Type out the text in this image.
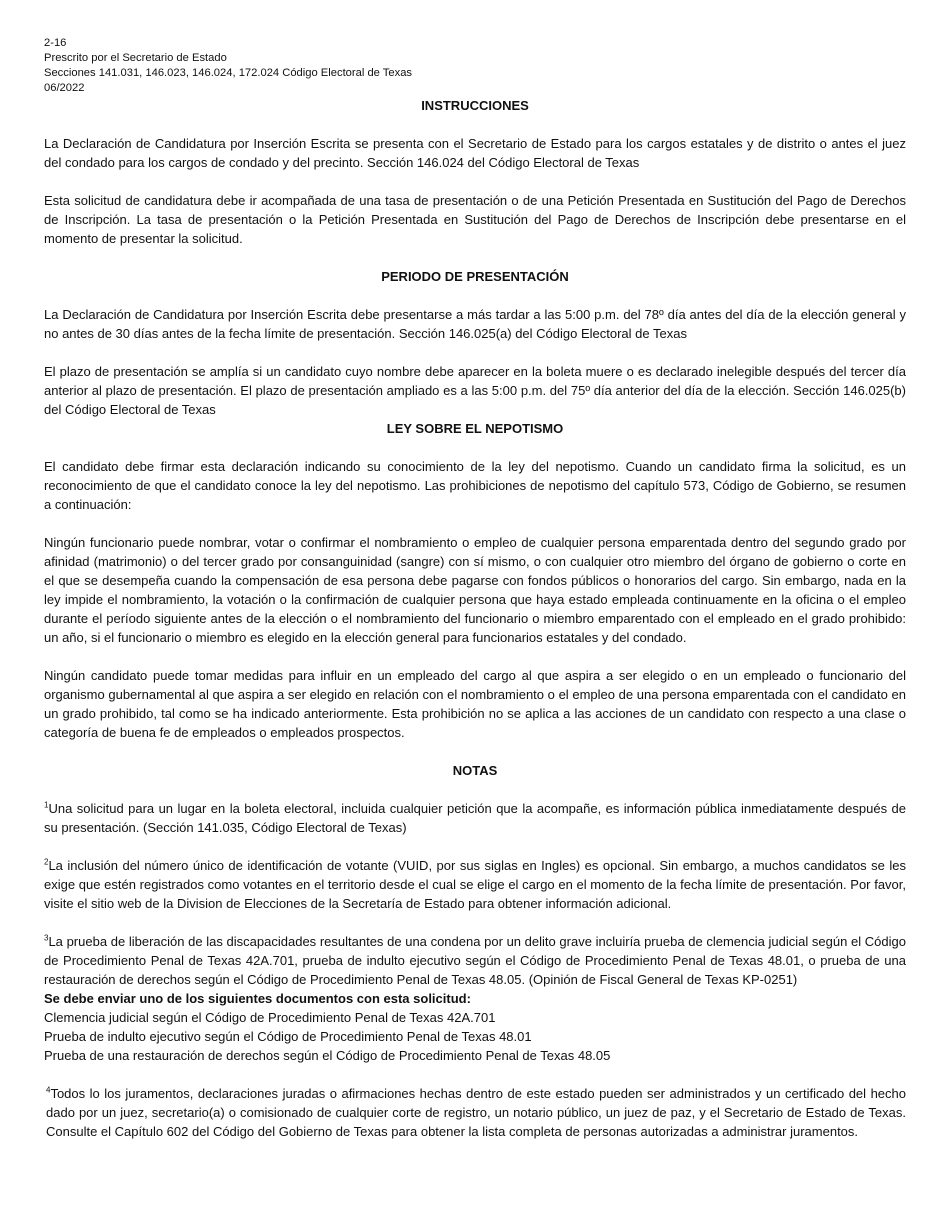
2-16
Prescrito por el Secretario de Estado
Secciones 141.031, 146.023, 146.024, 172.024 Código Electoral de Texas
06/2022
INSTRUCCIONES

La Declaración de Candidatura por Inserción Escrita se presenta con el Secretario de Estado para los cargos estatales y de distrito o antes el juez del condado para los cargos de condado y del precinto. Sección 146.024 del Código Electoral de Texas

Esta solicitud de candidatura debe ir acompañada de una tasa de presentación o de una Petición Presentada en Sustitución del Pago de Derechos de Inscripción. La tasa de presentación o la Petición Presentada en Sustitución del Pago de Derechos de Inscripción debe presentarse en el momento de presentar la solicitud.

PERIODO DE PRESENTACIÓN

La Declaración de Candidatura por Inserción Escrita debe presentarse a más tardar a las 5:00 p.m. del 78º día antes del día de la elección general y no antes de 30 días antes de la fecha límite de presentación. Sección 146.025(a) del Código Electoral de Texas

El plazo de presentación se amplía si un candidato cuyo nombre debe aparecer en la boleta muere o es declarado inelegible después del tercer día anterior al plazo de presentación. El plazo de presentación ampliado es a las 5:00 p.m. del 75º día anterior del día de la elección. Sección 146.025(b) del Código Electoral de Texas

LEY SOBRE EL NEPOTISMO

El candidato debe firmar esta declaración indicando su conocimiento de la ley del nepotismo. Cuando un candidato firma la solicitud, es un reconocimiento de que el candidato conoce la ley del nepotismo. Las prohibiciones de nepotismo del capítulo 573, Código de Gobierno, se resumen a continuación:

Ningún funcionario puede nombrar, votar o confirmar el nombramiento o empleo de cualquier persona emparentada dentro del segundo grado por afinidad (matrimonio) o del tercer grado por consanguinidad (sangre) con sí mismo, o con cualquier otro miembro del órgano de gobierno o corte en el que se desempeña cuando la compensación de esa persona debe pagarse con fondos públicos o honorarios del cargo. Sin embargo, nada en la ley impide el nombramiento, la votación o la confirmación de cualquier persona que haya estado empleada continuamente en la oficina o el empleo durante el período siguiente antes de la elección o el nombramiento del funcionario o miembro emparentado con el empleado en el grado prohibido: un año, si el funcionario o miembro es elegido en la elección general para funcionarios estatales y del condado.

Ningún candidato puede tomar medidas para influir en un empleado del cargo al que aspira a ser elegido o en un empleado o funcionario del organismo gubernamental al que aspira a ser elegido en relación con el nombramiento o el empleo de una persona emparentada con el candidato en un grado prohibido, tal como se ha indicado anteriormente. Esta prohibición no se aplica a las acciones de un candidato con respecto a una clase o categoría de buena fe de empleados o empleados prospectos.

NOTAS

$^1$Una solicitud para un lugar en la boleta electoral, incluida cualquier petición que la acompañe, es información pública inmediatamente después de su presentación. (Sección 141.035, Código Electoral de Texas)

$^2$La inclusión del número único de identificación de votante (VUID, por sus siglas en Ingles) es opcional. Sin embargo, a muchos candidatos se les exige que estén registrados como votantes en el territorio desde el cual se elige el cargo en el momento de la fecha límite de presentación. Por favor, visite el sitio web de la Division de Elecciones de la Secretaría de Estado para obtener información adicional.

$^3$La prueba de liberación de las discapacidades resultantes de una condena por un delito grave incluiría prueba de clemencia judicial según el Código de Procedimiento Penal de Texas 42A.701, prueba de indulto ejecutivo según el Código de Procedimiento Penal de Texas 48.01, o prueba de una restauración de derechos según el Código de Procedimiento Penal de Texas 48.05. (Opinión de Fiscal General de Texas KP-0251)

Se debe enviar uno de los siguientes documentos con esta solicitud:

Clemencia judicial según el Código de Procedimiento Penal de Texas 42A.701

Prueba de indulto ejecutivo según el Código de Procedimiento Penal de Texas 48.01

Prueba de una restauración de derechos según el Código de Procedimiento Penal de Texas 48.05

$^4$Todos lo los juramentos, declaraciones juradas o afirmaciones hechas dentro de este estado pueden ser administrados y un certificado del hecho dado por un juez, secretario(a) o comisionado de cualquier corte de registro, un notario público, un juez de paz, y el Secretario de Estado de Texas. Consulte el Capítulo 602 del Código del Gobierno de Texas para obtener la lista completa de personas autorizadas a administrar juramentos.
